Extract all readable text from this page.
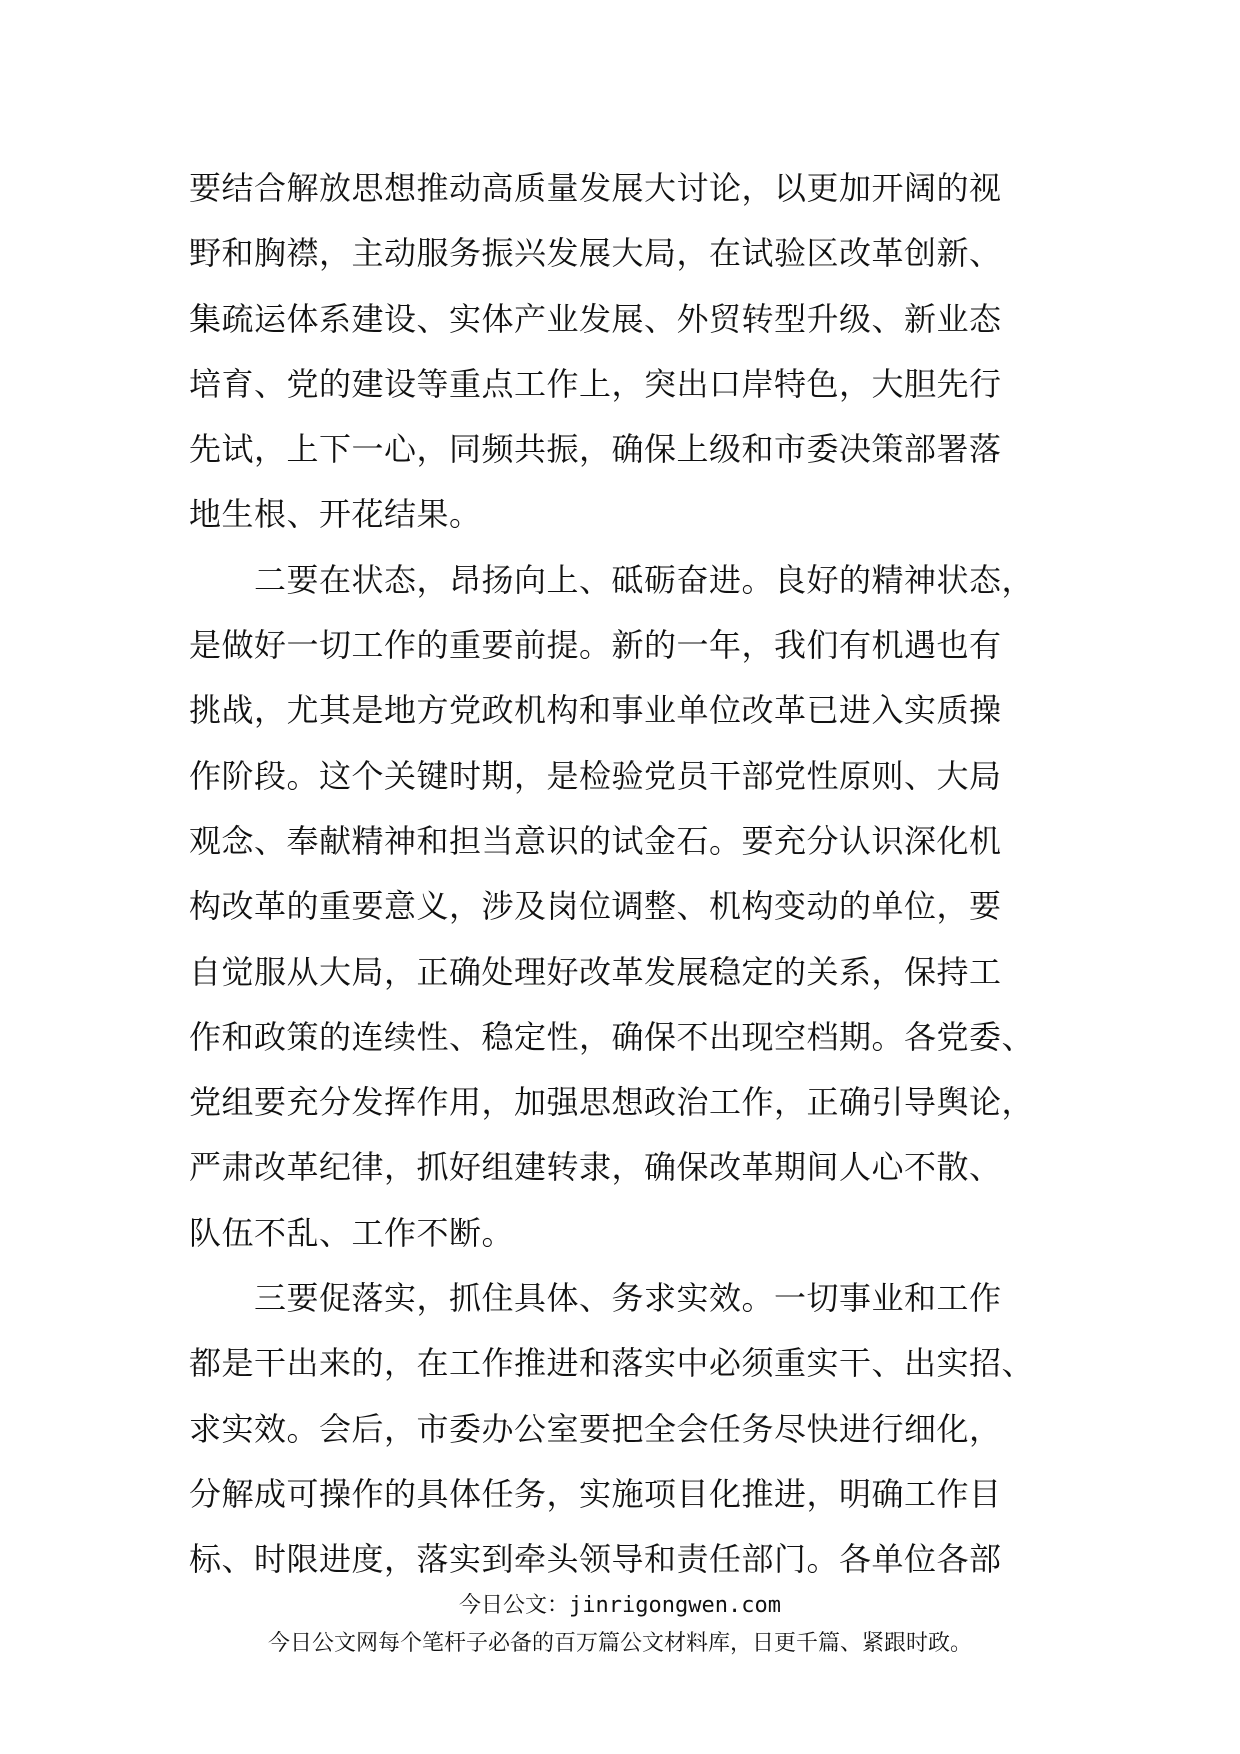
要结合解放思想推动高质量发展大讨论，以更加开阔的视
野和胸襟，主动服务振兴发展大局，在试验区改革创新、
集疏运体系建设、实体产业发展、外贸转型升级、新业态
培育、党的建设等重点工作上，突出口岸特色，大胆先行
先试，上下一心，同频共振，确保上级和市委决策部署落
地生根、开花结果。
　　二要在状态，昂扬向上、砥砺奋进。良好的精神状态，
是做好一切工作的重要前提。新的一年，我们有机遇也有
挑战，尤其是地方党政机构和事业单位改革已进入实质操
作阶段。这个关键时期，是检验党员干部党性原则、大局
观念、奉献精神和担当意识的试金石。要充分认识深化机
构改革的重要意义，涉及岗位调整、机构变动的单位，要
自觉服从大局，正确处理好改革发展稳定的关系，保持工
作和政策的连续性、稳定性，确保不出现空档期。各党委、
党组要充分发挥作用，加强思想政治工作，正确引导舆论，
严肃改革纪律，抓好组建转隶，确保改革期间人心不散、
队伍不乱、工作不断。
　　三要促落实，抓住具体、务求实效。一切事业和工作
都是干出来的，在工作推进和落实中必须重实干、出实招、
求实效。会后，市委办公室要把全会任务尽快进行细化，
分解成可操作的具体任务，实施项目化推进，明确工作目
标、时限进度，落实到牵头领导和责任部门。各单位各部
今日公文：jinrigongwen.com
今日公文网每个笔杆子必备的百万篇公文材料库，日更千篇、紧跟时政。
